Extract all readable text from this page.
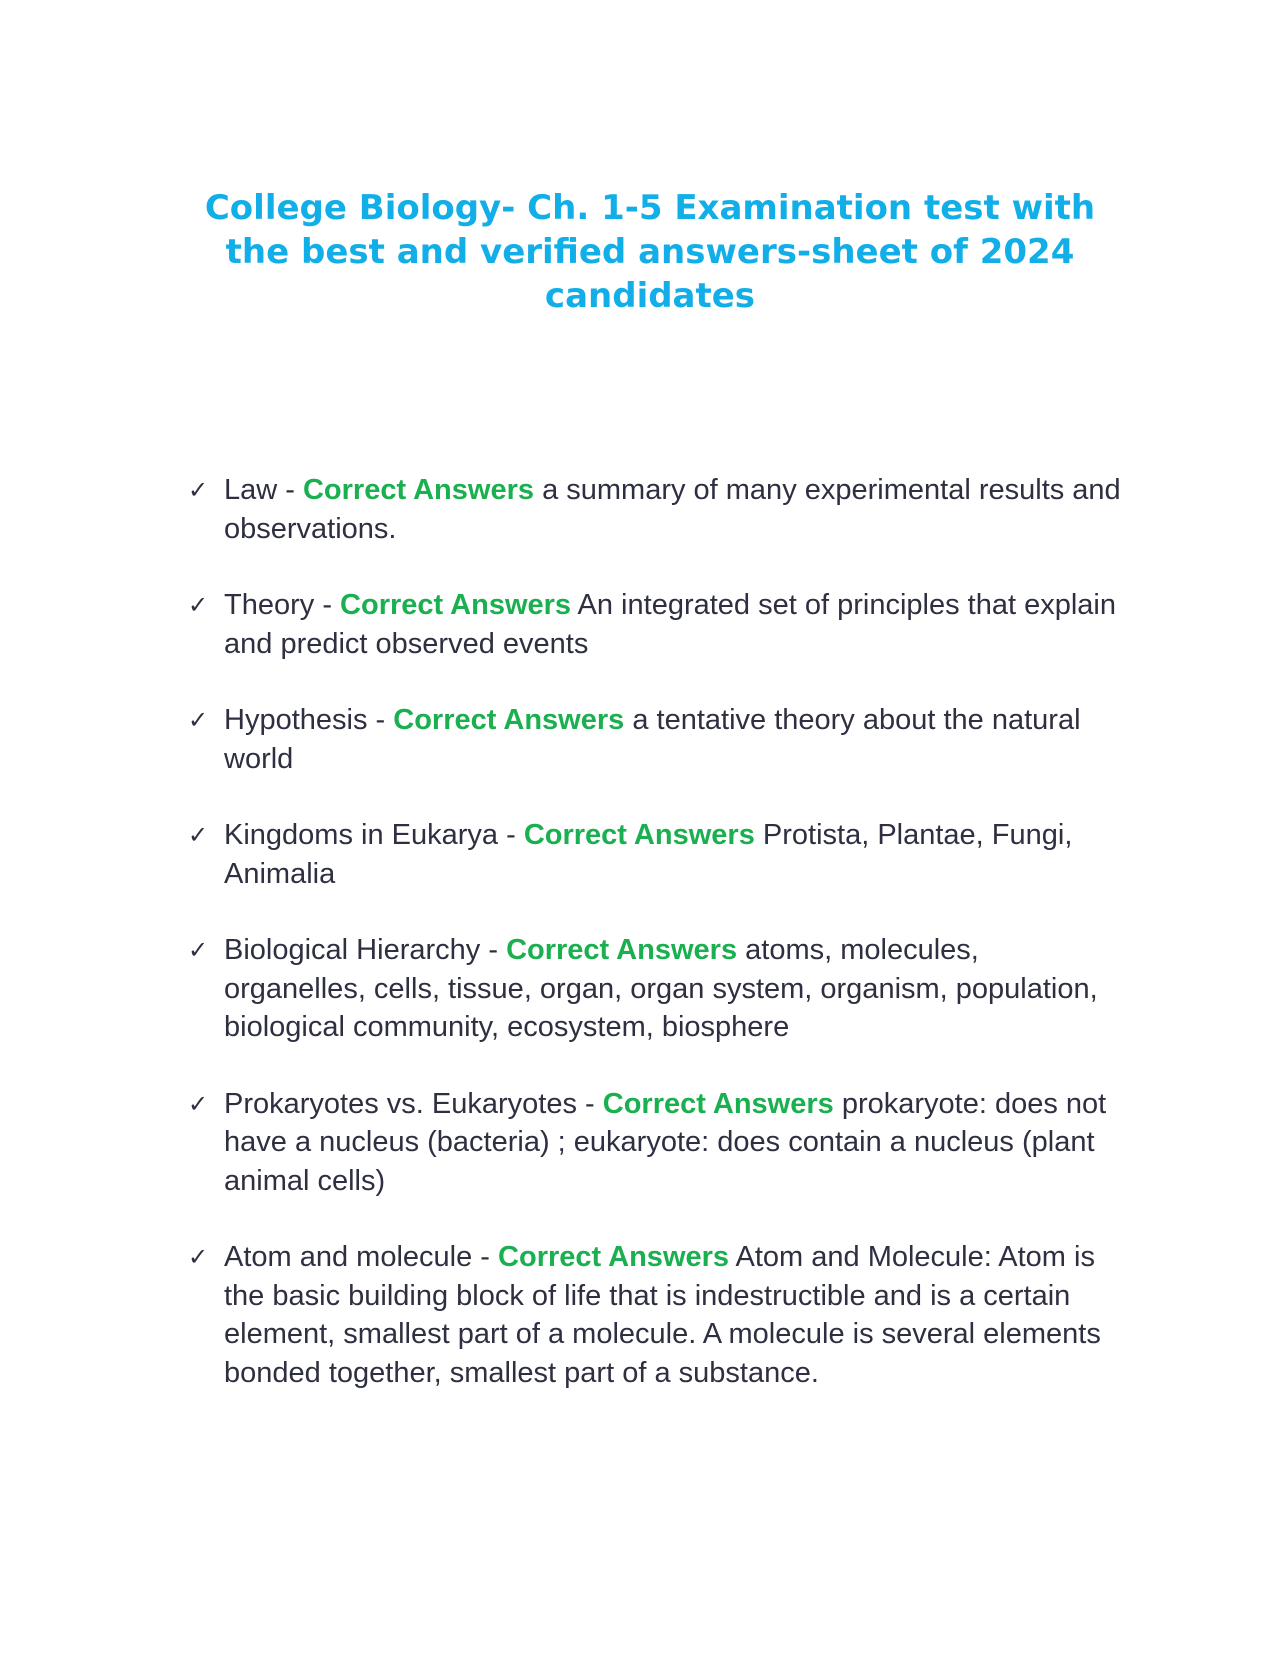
College Biology- Ch. 1-5 Examination test with the best and verified answers-sheet of 2024 candidates
✓ Law - Correct Answers a summary of many experimental results and observations.
✓ Theory - Correct Answers An integrated set of principles that explain and predict observed events
✓ Hypothesis - Correct Answers a tentative theory about the natural world
✓ Kingdoms in Eukarya - Correct Answers Protista, Plantae, Fungi, Animalia
✓ Biological Hierarchy - Correct Answers atoms, molecules, organelles, cells, tissue, organ, organ system, organism, population, biological community, ecosystem, biosphere
✓ Prokaryotes vs. Eukaryotes - Correct Answers prokaryote: does not have a nucleus (bacteria) ; eukaryote: does contain a nucleus (plant animal cells)
✓ Atom and molecule - Correct Answers Atom and Molecule: Atom is the basic building block of life that is indestructible and is a certain element, smallest part of a molecule. A molecule is several elements bonded together, smallest part of a substance.
